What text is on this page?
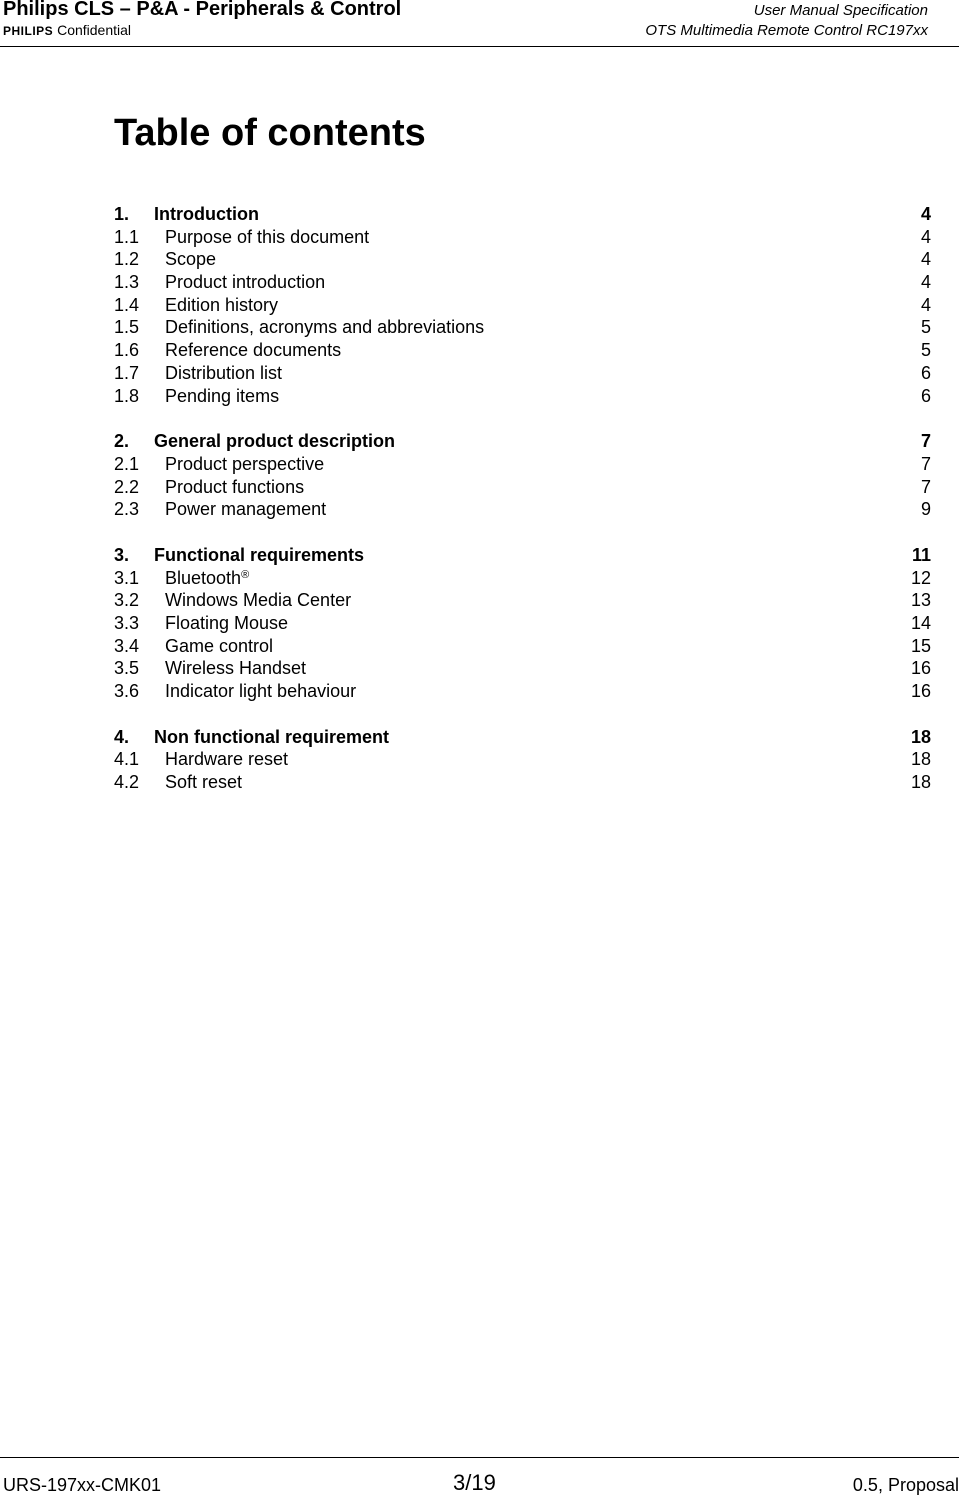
Philips CLS – P&A - Peripherals & Control
PHILIPS Confidential
User Manual Specification
OTS Multimedia Remote Control RC197xx
Table of contents
1. Introduction	4
1.1 Purpose of this document	4
1.2 Scope	4
1.3 Product introduction	4
1.4 Edition history	4
1.5 Definitions, acronyms and abbreviations	5
1.6 Reference documents	5
1.7 Distribution list	6
1.8 Pending items	6
2. General product description	7
2.1 Product perspective	7
2.2 Product functions	7
2.3 Power management	9
3. Functional requirements	11
3.1 Bluetooth®	12
3.2 Windows Media Center	13
3.3 Floating Mouse	14
3.4 Game control	15
3.5 Wireless Handset	16
3.6 Indicator light behaviour	16
4. Non functional requirement	18
4.1 Hardware reset	18
4.2 Soft reset	18
URS-197xx-CMK01	3/19	0.5, Proposal
